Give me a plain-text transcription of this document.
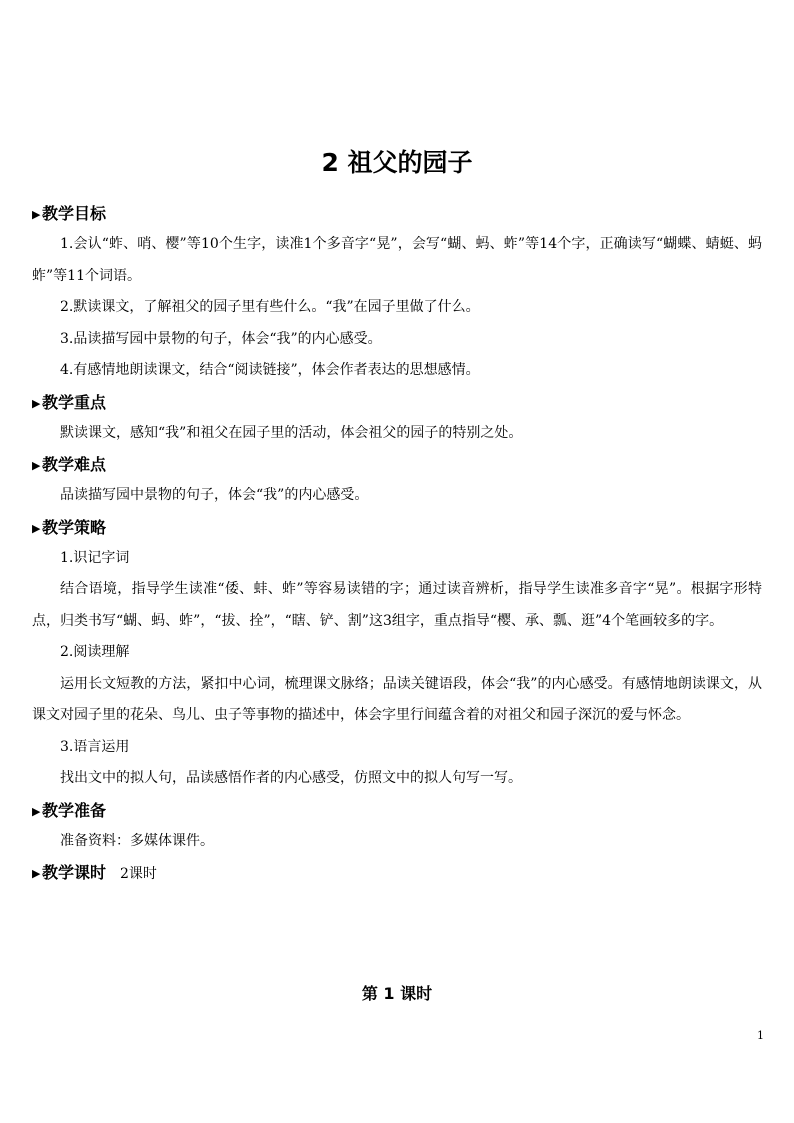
2 祖父的园子
▶教学目标
1.会认“蚱、哨、樱”等10个生字，读准1个多音字“晃”，会写“蝴、蚂、蚱”等14个字，正确读写“蝴蝶、蜻蜓、蚂蚱”等11个词语。
2.默读课文，了解祖父的园子里有些什么。“我”在园子里做了什么。
3.品读描写园中景物的句子，体会“我”的内心感受。
4.有感情地朗读课文，结合“阅读链接”，体会作者表达的思想感情。
▶教学重点
默读课文，感知“我”和祖父在园子里的活动，体会祖父的园子的特别之处。
▶教学难点
品读描写园中景物的句子，体会“我”的内心感受。
▶教学策略
1.识记字词
结合语境，指导学生读准“倭、蚌、蚱”等容易读错的字；通过读音辨析，指导学生读准多音字“晃”。根据字形特点，归类书写“蝴、蚂、蚱”，“拔、拴”，“瞎、铲、割”这3组字，重点指导“樱、承、瓢、逛”4个笔画较多的字。
2.阅读理解
运用长文短教的方法，紧扣中心词，梳理课文脉络；品读关键语段，体会“我”的内心感受。有感情地朗读课文，从课文对园子里的花朵、鸟儿、虫子等事物的描述中，体会字里行间蕴含着的对祖父和园子深沉的爱与怀念。
3.语言运用
找出文中的拟人句，品读感悟作者的内心感受，仿照文中的拟人句写一写。
▶教学准备
准备资料：多媒体课件。
▶教学课时 2课时
第 1 课时
1
